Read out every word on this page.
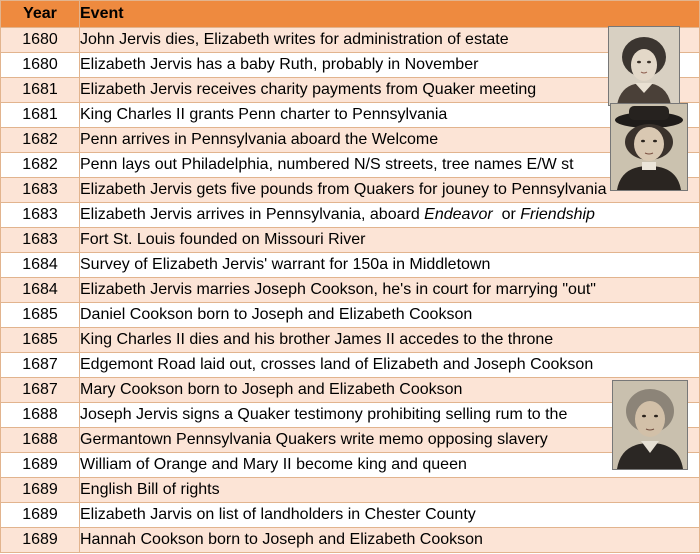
Year	Event
1680	John Jervis dies, Elizabeth writes for administration of estate
1680	Elizabeth Jervis has a baby Ruth, probably in November
1681	Elizabeth Jervis receives charity payments from Quaker meeting
1681	King Charles II grants Penn charter to Pennsylvania
1682	Penn arrives in Pennsylvania aboard the Welcome
1682	Penn lays out Philadelphia, numbered N/S streets, tree names E/W st
1683	Elizabeth Jervis gets five pounds from Quakers for jouney to Pennsylvania
1683	Elizabeth Jervis arrives in Pennsylvania, aboard Endeavor  or Friendship
1683	Fort St. Louis founded on Missouri River
1684	Survey of Elizabeth Jervis' warrant for 150a in Middletown
1684	Elizabeth Jervis marries Joseph Cookson, he's in court for marrying "out"
1685	Daniel Cookson born to Joseph and Elizabeth Cookson
1685	King Charles II dies and his brother James II accedes to the throne
1687	Edgemont Road laid out, crosses land of Elizabeth and Joseph Cookson
1687	Mary Cookson born to Joseph and Elizabeth Cookson
1688	Joseph Jervis signs a Quaker testimony prohibiting selling rum to the
1688	Germantown Pennsylvania Quakers write memo opposing slavery
1689	William of Orange and Mary II become king and queen
1689	English Bill of rights
1689	Elizabeth Jarvis on list of landholders in Chester County
1689	Hannah Cookson born to Joseph and Elizabeth Cookson
